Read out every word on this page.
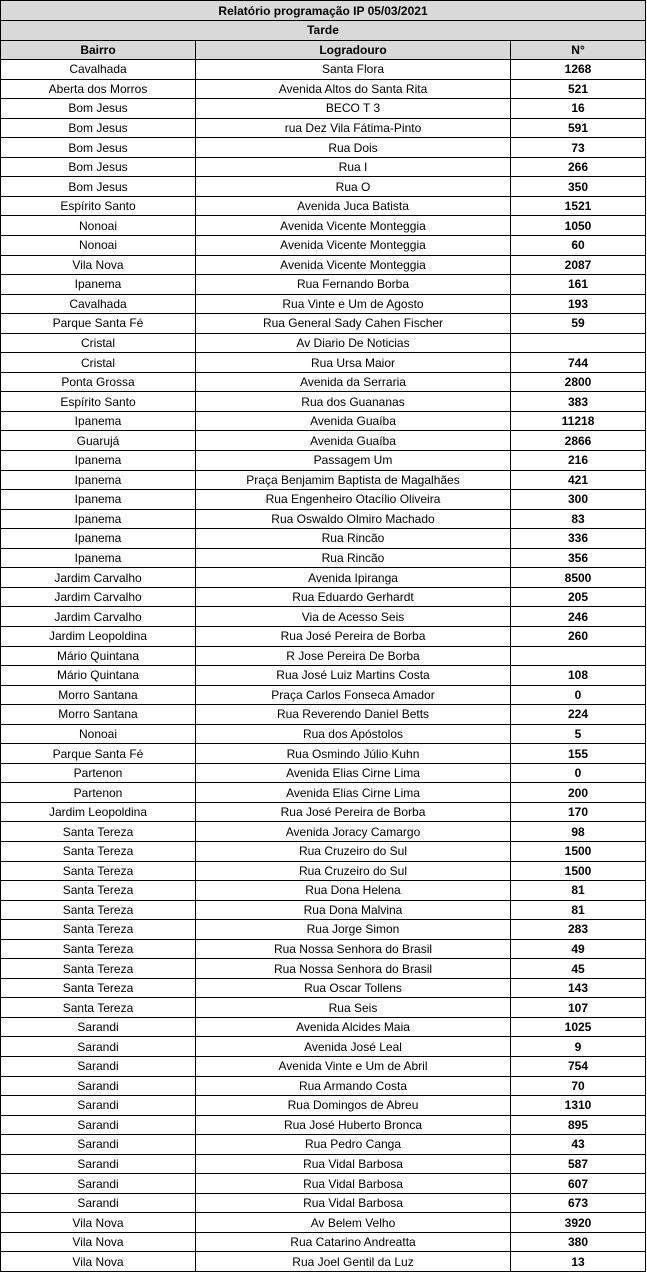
Relatório programação IP 05/03/2021		
Tarde		
Bairro	Logradouro	N°
Cavalhada	Santa Flora	1268
Aberta dos Morros	Avenida Altos do Santa Rita	521
Bom Jesus	BECO T 3	16
Bom Jesus	rua Dez Vila Fátima-Pinto	591
Bom Jesus	Rua Dois	73
Bom Jesus	Rua I	266
Bom Jesus	Rua O	350
Espírito Santo	Avenida Juca Batista	1521
Nonoai	Avenida Vicente Monteggia	1050
Nonoai	Avenida Vicente Monteggia	60
Vila Nova	Avenida Vicente Monteggia	2087
Ipanema	Rua Fernando Borba	161
Cavalhada	Rua Vinte e Um de Agosto	193
Parque Santa Fé	Rua General Sady Cahen Fischer	59
Cristal	Av Diario De Noticias	
Cristal	Rua Ursa Maior	744
Ponta Grossa	Avenida da Serraria	2800
Espírito Santo	Rua dos Guananas	383
Ipanema	Avenida Guaíba	11218
Guarujá	Avenida Guaíba	2866
Ipanema	Passagem Um	216
Ipanema	Praça Benjamim Baptista de Magalhães	421
Ipanema	Rua Engenheiro Otacílio Oliveira	300
Ipanema	Rua Oswaldo Olmiro Machado	83
Ipanema	Rua Rincão	336
Ipanema	Rua Rincão	356
Jardim Carvalho	Avenida Ipiranga	8500
Jardim Carvalho	Rua Eduardo Gerhardt	205
Jardim Carvalho	Via de Acesso Seis	246
Jardim Leopoldina	Rua José Pereira de Borba	260
Mário Quintana	R Jose Pereira De Borba	
Mário Quintana	Rua José Luiz Martins Costa	108
Morro Santana	Praça Carlos Fonseca Amador	0
Morro Santana	Rua Reverendo Daniel Betts	224
Nonoai	Rua dos Apóstolos	5
Parque Santa Fé	Rua Osmindo Júlio Kuhn	155
Partenon	Avenida Elias Cirne Lima	0
Partenon	Avenida Elias Cirne Lima	200
Jardim Leopoldina	Rua José Pereira de Borba	170
Santa Tereza	Avenida Joracy Camargo	98
Santa Tereza	Rua Cruzeiro do Sul	1500
Santa Tereza	Rua Cruzeiro do Sul	1500
Santa Tereza	Rua Dona Helena	81
Santa Tereza	Rua Dona Malvina	81
Santa Tereza	Rua Jorge Simon	283
Santa Tereza	Rua Nossa Senhora do Brasil	49
Santa Tereza	Rua Nossa Senhora do Brasil	45
Santa Tereza	Rua Oscar Tollens	143
Santa Tereza	Rua Seis	107
Sarandi	Avenida Alcides Maia	1025
Sarandi	Avenida José Leal	9
Sarandi	Avenida Vinte e Um de Abril	754
Sarandi	Rua Armando Costa	70
Sarandi	Rua Domingos de Abreu	1310
Sarandi	Rua José Huberto Bronca	895
Sarandi	Rua Pedro Canga	43
Sarandi	Rua Vidal Barbosa	587
Sarandi	Rua Vidal Barbosa	607
Sarandi	Rua Vidal Barbosa	673
Vila Nova	Av Belem Velho	3920
Vila Nova	Rua Catarino Andreatta	380
Vila Nova	Rua Joel Gentil da Luz	13
